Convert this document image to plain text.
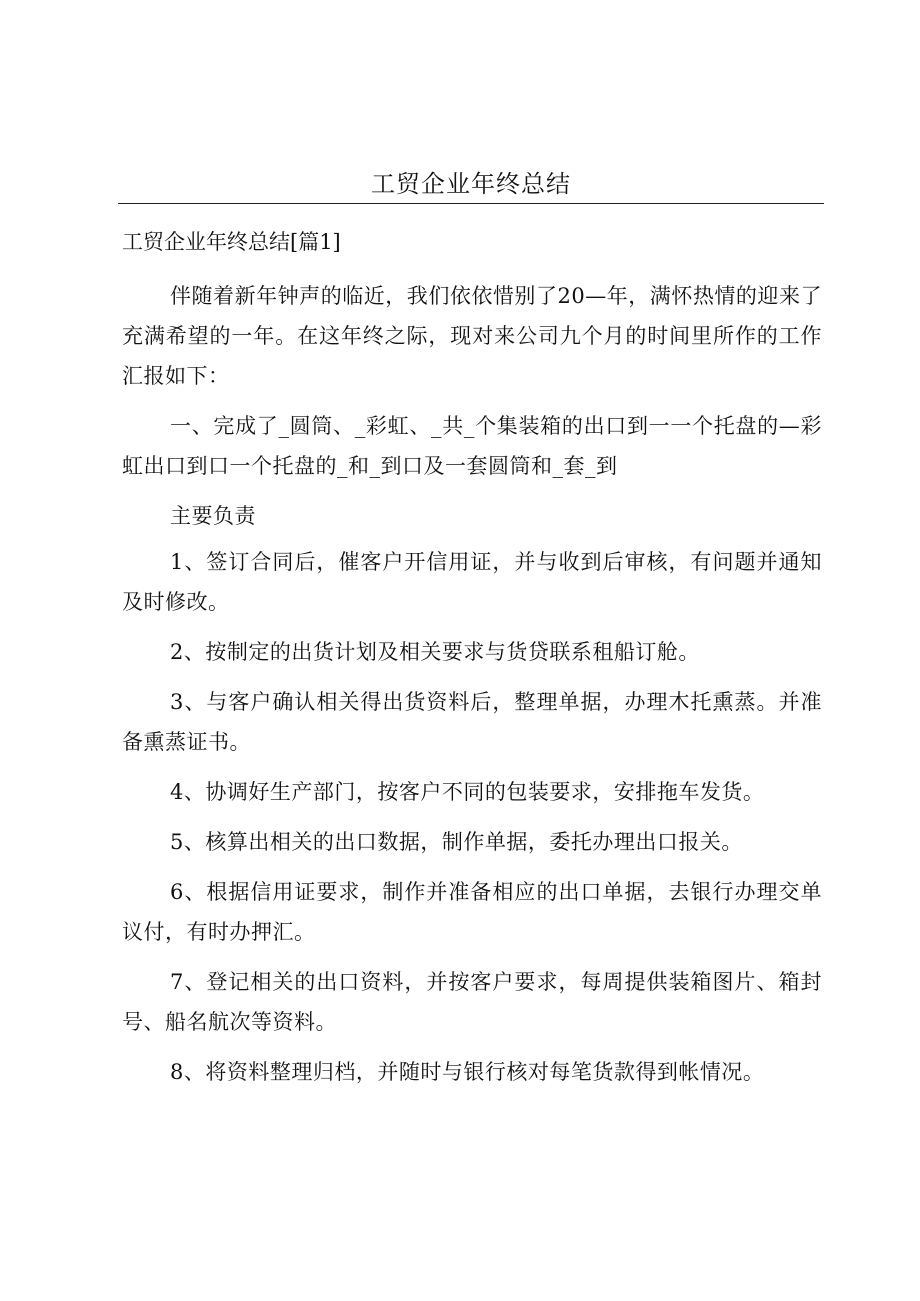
工贸企业年终总结
工贸企业年终总结[篇1]

伴随着新年钟声的临近，我们依依惜别了20—年，满怀热情的迎来了充满希望的一年。在这年终之际，现对来公司九个月的时间里所作的工作汇报如下：

一、完成了_圆筒、_彩虹、_共_个集装箱的出口到一一个托盘的—彩虹出口到口一个托盘的_和_到口及一套圆筒和_套_到

主要负责

1、签订合同后，催客户开信用证，并与收到后审核，有问题并通知及时修改。

2、按制定的出货计划及相关要求与货贷联系租船订舱。

3、与客户确认相关得出货资料后，整理单据，办理木托熏蒸。并准备熏蒸证书。

4、协调好生产部门，按客户不同的包装要求，安排拖车发货。

5、核算出相关的出口数据，制作单据，委托办理出口报关。

6、根据信用证要求，制作并准备相应的出口单据，去银行办理交单议付，有时办押汇。

7、登记相关的出口资料，并按客户要求，每周提供装箱图片、箱封号、船名航次等资料。

8、将资料整理归档，并随时与银行核对每笔货款得到帐情况。
